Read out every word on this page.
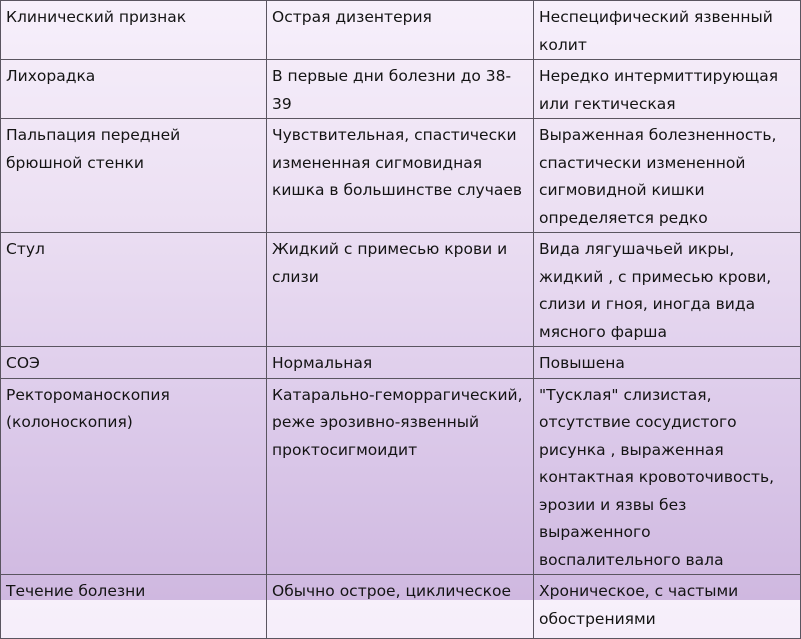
Клинический признак	Острая дизентерия	Неспецифический язвенный колит
Лихорадка	В первые дни болезни до 38-39	Нередко интермиттирующая или гектическая
Пальпация передней брюшной стенки	Чувствительная, спастически измененная сигмовидная кишка в большинстве случаев	Выраженная болезненность, спастически измененной сигмовидной кишки определяется редко
Стул	Жидкий с примесью крови и слизи	Вида лягушачьей икры, жидкий , с примесью крови, слизи и гноя, иногда вида мясного фарша
СОЭ	Нормальная	Повышена
Ректороманоскопия (колоноскопия)	Катарально-геморрагический, реже эрозивно-язвенный проктосигмоидит	"Тусклая" слизистая, отсутствие сосудистого рисунка , выраженная контактная кровоточивость, эрозии и язвы без выраженного воспалительного вала
Течение болезни	Обычно острое, циклическое	Хроническое, с частыми обострениями
